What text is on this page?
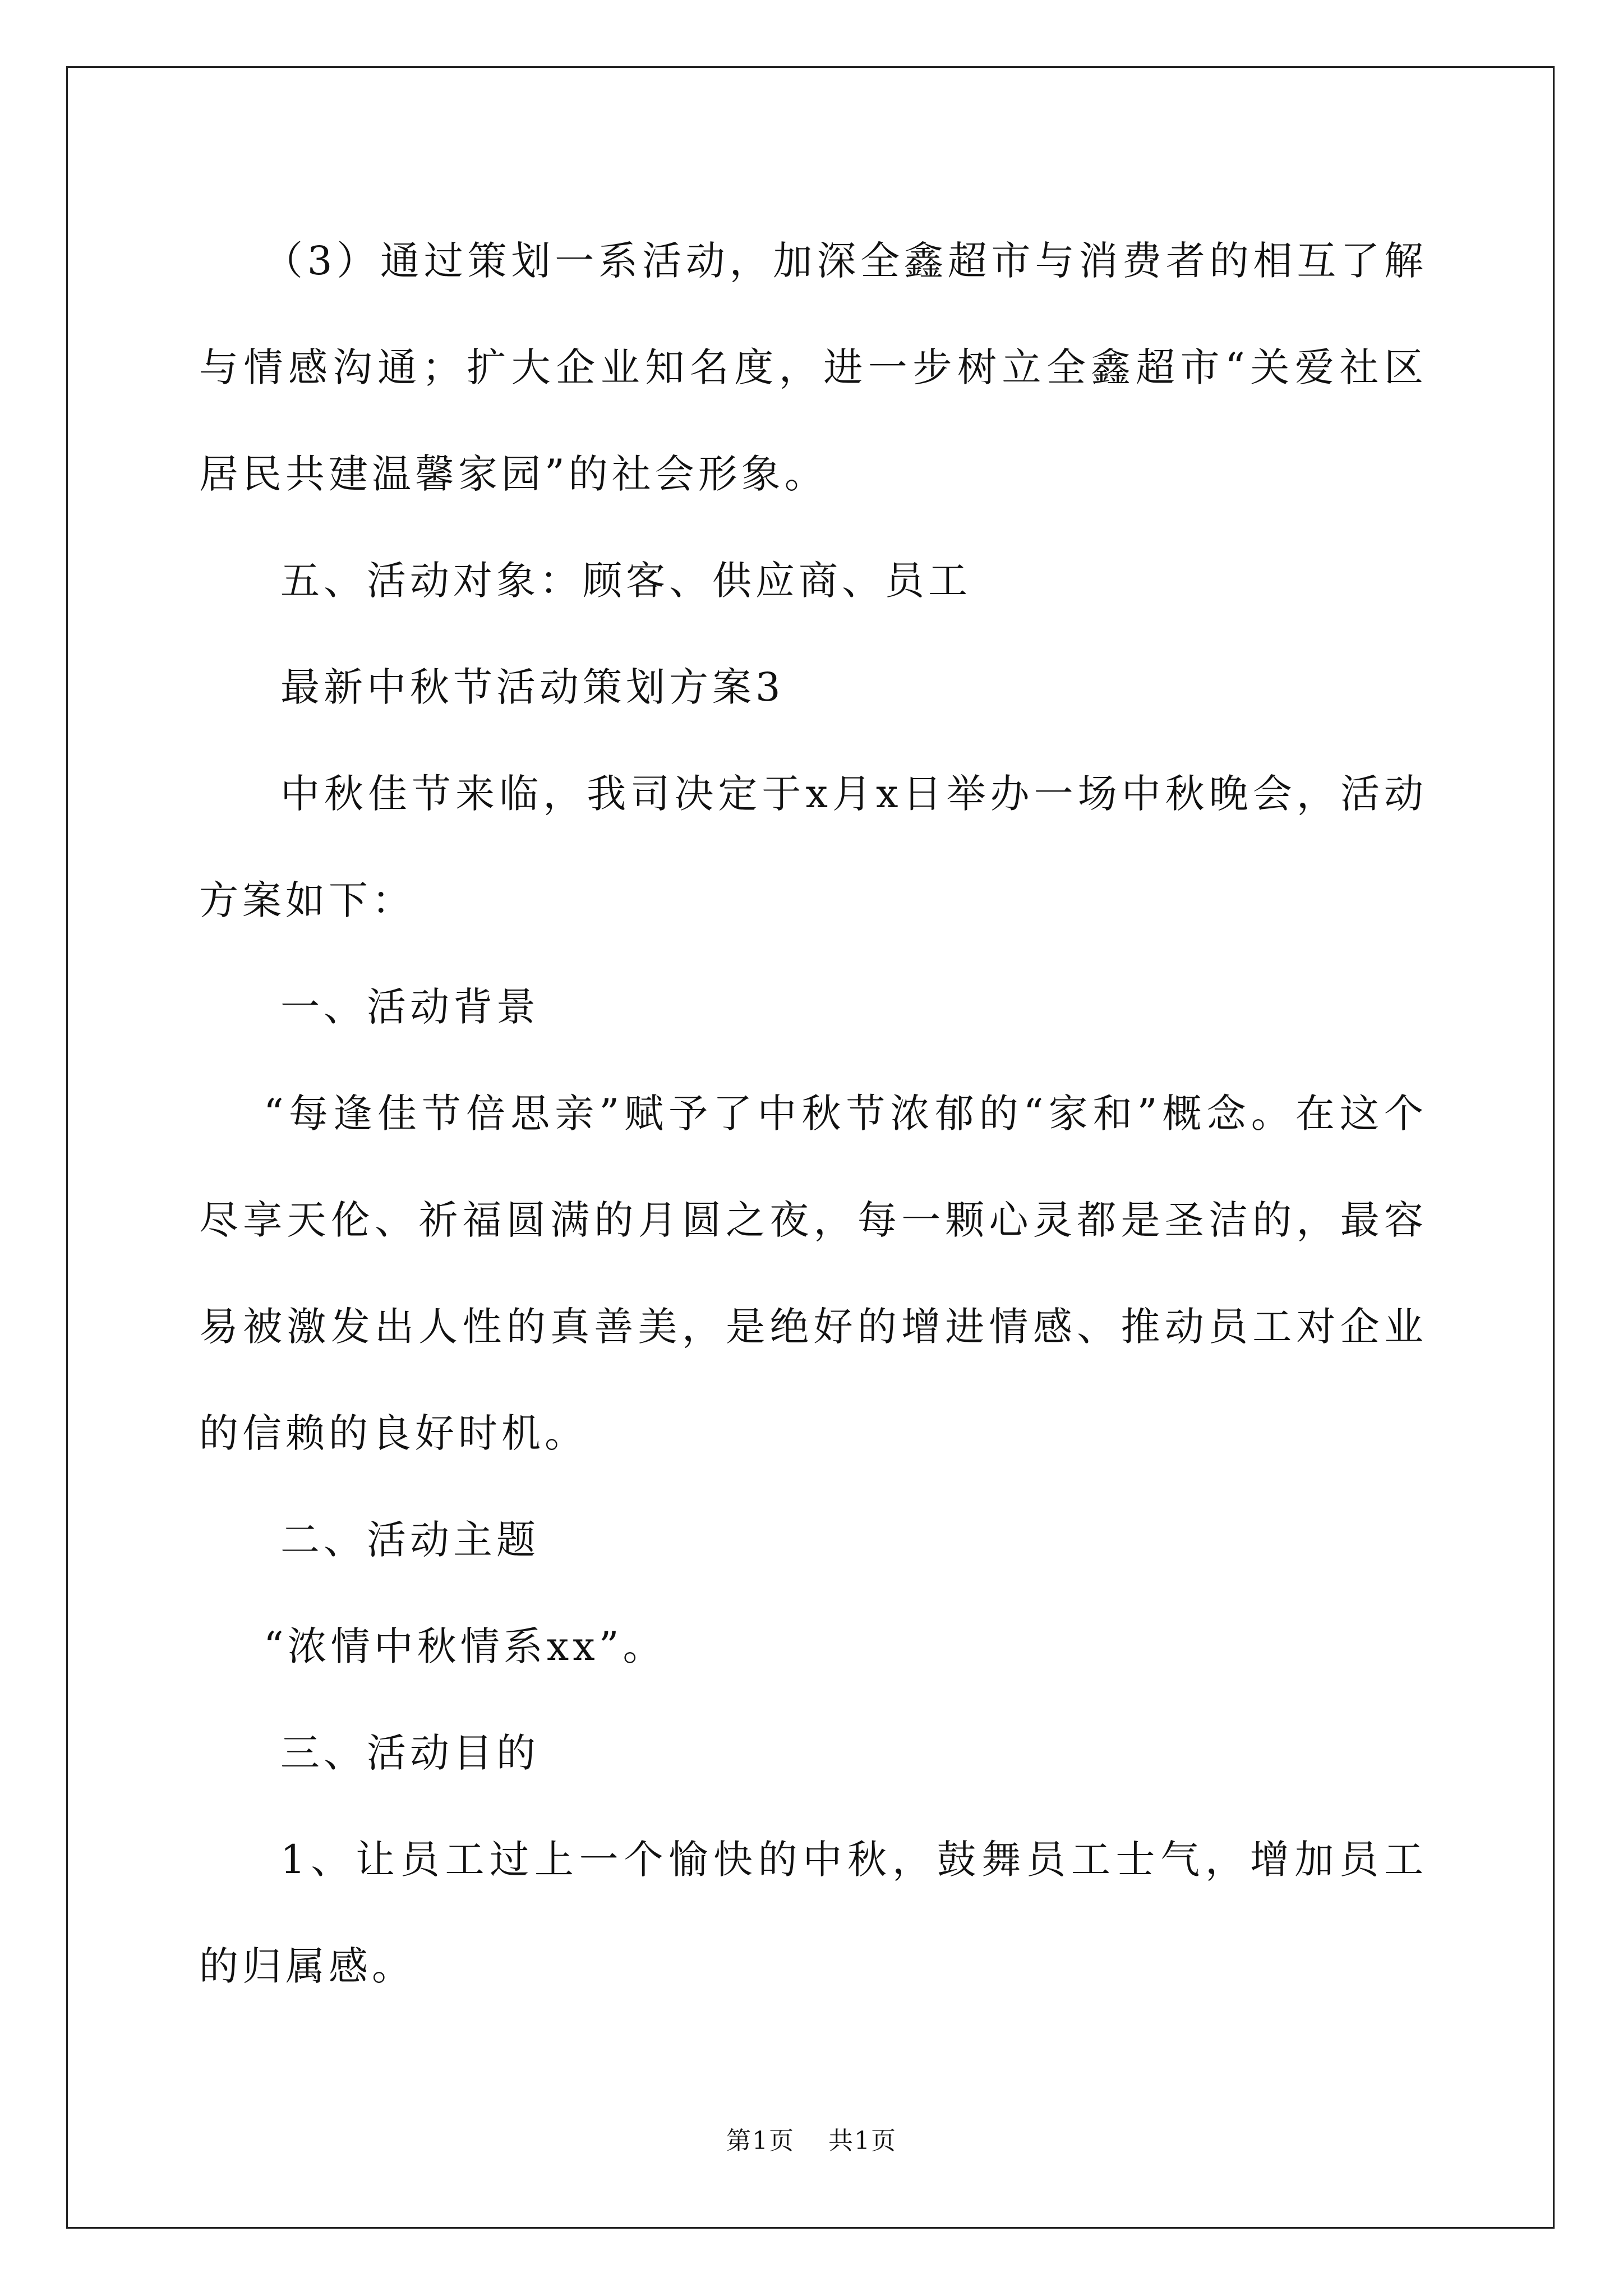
（3）通过策划一系活动，加深全鑫超市与消费者的相互了解与情感沟通；扩大企业知名度，进一步树立全鑫超市“关爱社区居民共建温馨家园”的社会形象。

五、活动对象：顾客、供应商、员工

最新中秋节活动策划方案3

中秋佳节来临，我司决定于x月x日举办一场中秋晚会，活动方案如下：

一、活动背景

“每逢佳节倍思亲”赋予了中秋节浓郁的“家和”概念。在这个尽享天伦、祈福圆满的月圆之夜，每一颗心灵都是圣洁的，最容易被激发出人性的真善美，是绝好的增进情感、推动员工对企业的信赖的良好时机。

二、活动主题

“浓情中秋情系xx”。

三、活动目的

1、让员工过上一个愉快的中秋，鼓舞员工士气，增加员工的归属感。

第1页 共1页
